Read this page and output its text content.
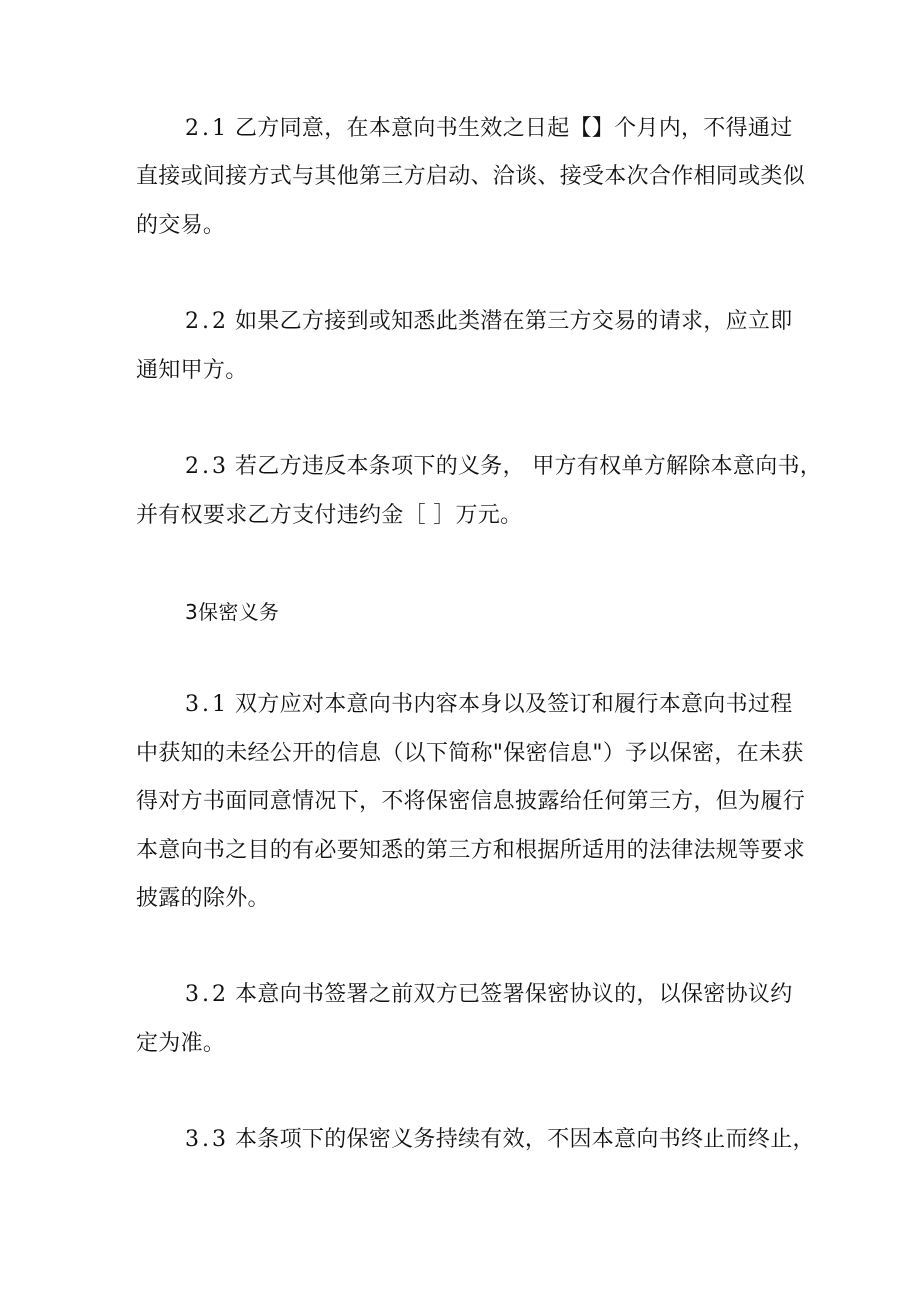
2.1 乙方同意，在本意向书生效之日起【】个月内，不得通过
直接或间接方式与其他第三方启动、洽谈、接受本次合作相同或类似
的交易。
2.2 如果乙方接到或知悉此类潜在第三方交易的请求，应立即
通知甲方。
2.3 若乙方违反本条项下的义务， 甲方有权单方解除本意向书，
并有权要求乙方支付违约金［ ］万元。
3保密义务
3.1 双方应对本意向书内容本身以及签订和履行本意向书过程
中获知的未经公开的信息（以下简称"保密信息"）予以保密，在未获
得对方书面同意情况下，不将保密信息披露给任何第三方，但为履行
本意向书之目的有必要知悉的第三方和根据所适用的法律法规等要求
披露的除外。
3.2 本意向书签署之前双方已签署保密协议的，以保密协议约
定为准。
3.3 本条项下的保密义务持续有效，不因本意向书终止而终止，
